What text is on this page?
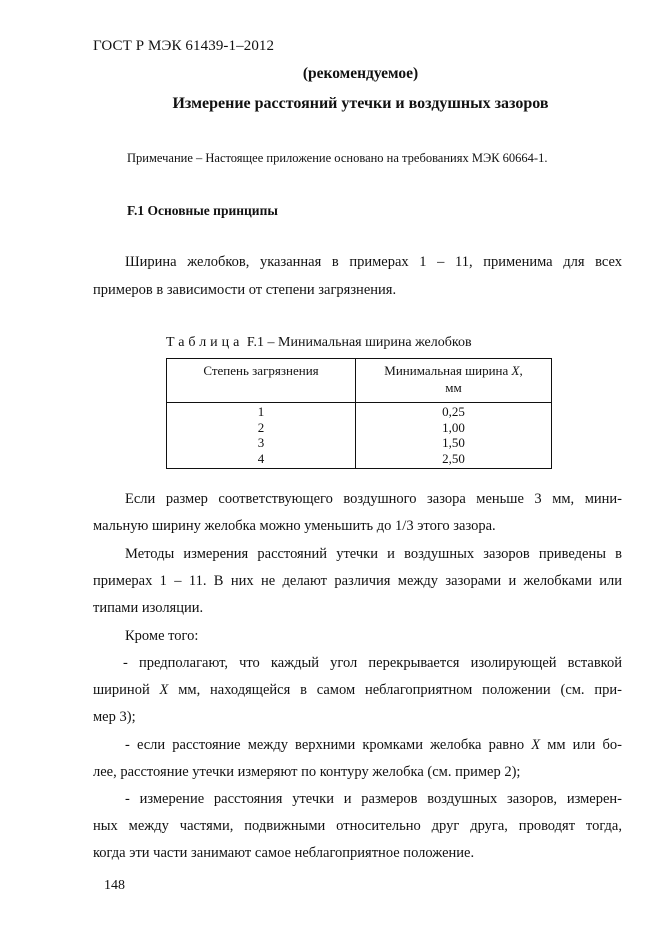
ГОСТ Р МЭК 61439-1–2012
(рекомендуемое)
Измерение расстояний утечки и воздушных зазоров
Примечание – Настоящее приложение основано на требованиях МЭК 60664-1.
F.1 Основные принципы
Ширина желобков, указанная в примерах 1 – 11, применима для всех
примеров в зависимости от степени загрязнения.
Таблица F.1 – Минимальная ширина желобков
Степень загрязнения	Минимальная ширина X,
мм
1	0,25
2	1,00
3	1,50
4	2,50
Если размер соответствующего воздушного зазора меньше 3 мм, мини-
мальную ширину желобка можно уменьшить до 1/3 этого зазора.
Методы измерения расстояний утечки и воздушных зазоров приведены в
примерах 1 – 11. В них не делают различия между зазорами и желобками или
типами изоляции.
Кроме того:
- предполагают, что каждый угол перекрывается изолирующей вставкой
шириной X мм, находящейся в самом неблагоприятном положении (см. при-
мер 3);
- если расстояние между верхними кромками желобка равно X мм или бо-
лее, расстояние утечки измеряют по контуру желобка (см. пример 2);
- измерение расстояния утечки и размеров воздушных зазоров, измерен-
ных между частями, подвижными относительно друг друга, проводят тогда,
когда эти части занимают самое неблагоприятное положение.
148
